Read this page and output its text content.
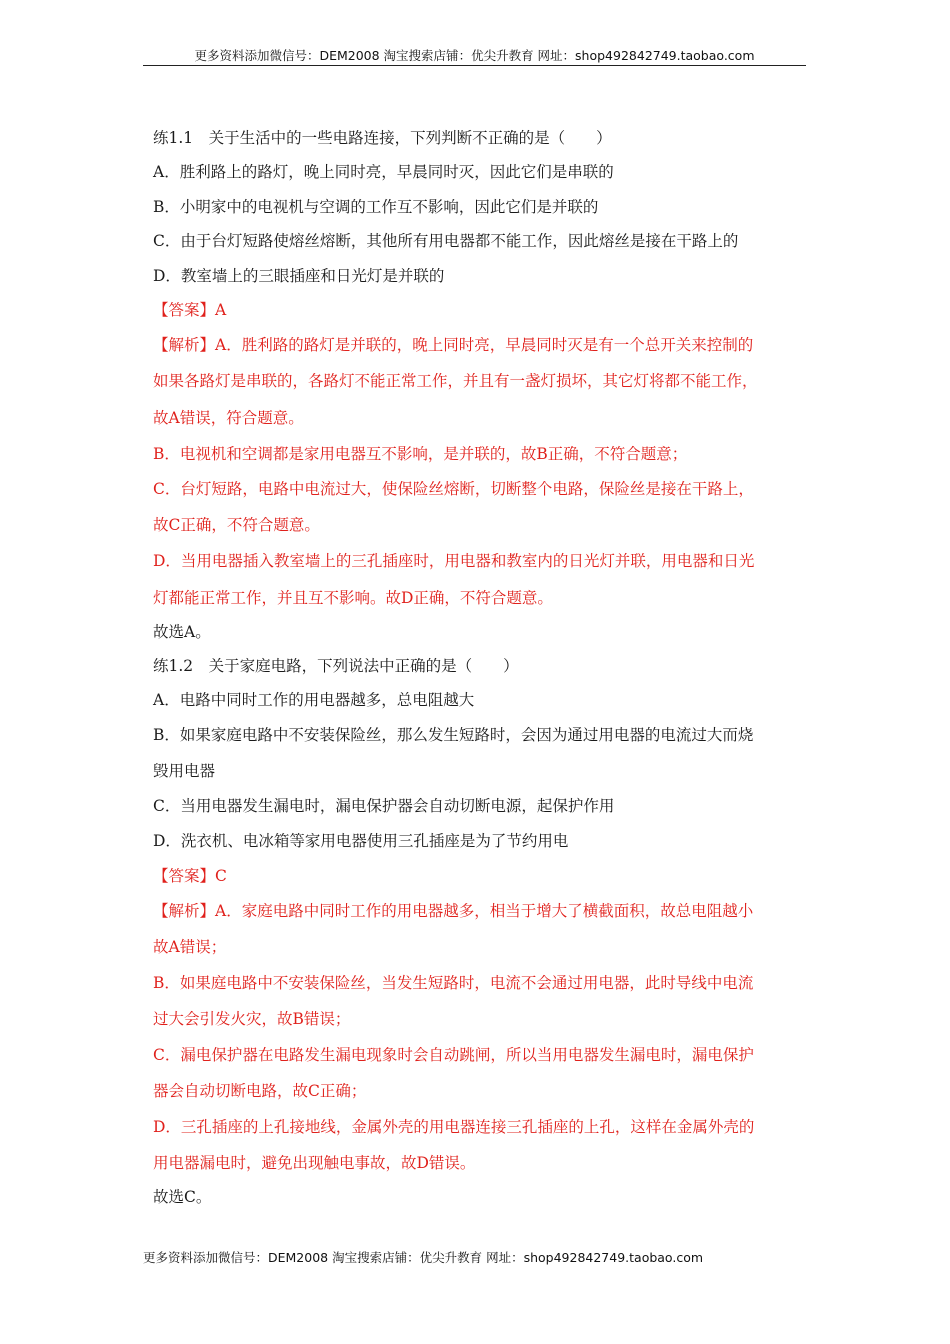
更多资料添加微信号：DEM2008 淘宝搜索店铺：优尖升教育 网址：shop492842749.taobao.com
练1.1　关于生活中的一些电路连接，下列判断不正确的是（　　）
A．胜利路上的路灯，晚上同时亮，早晨同时灭，因此它们是串联的
B．小明家中的电视机与空调的工作互不影响，因此它们是并联的
C．由于台灯短路使熔丝熔断，其他所有用电器都不能工作，因此熔丝是接在干路上的
D．教室墙上的三眼插座和日光灯是并联的
【答案】A
【解析】A．胜利路的路灯是并联的，晚上同时亮，早晨同时灭是有一个总开关来控制的
如果各路灯是串联的，各路灯不能正常工作，并且有一盏灯损坏，其它灯将都不能工作，
故A错误，符合题意。
B．电视机和空调都是家用电器互不影响，是并联的，故B正确，不符合题意；
C．台灯短路，电路中电流过大，使保险丝熔断，切断整个电路，保险丝是接在干路上，
故C正确，不符合题意。
D．当用电器插入教室墙上的三孔插座时，用电器和教室内的日光灯并联，用电器和日光
灯都能正常工作，并且互不影响。故D正确，不符合题意。
故选A。
练1.2　关于家庭电路，下列说法中正确的是（　　）
A．电路中同时工作的用电器越多，总电阻越大
B．如果家庭电路中不安装保险丝，那么发生短路时，会因为通过用电器的电流过大而烧
毁用电器
C．当用电器发生漏电时，漏电保护器会自动切断电源，起保护作用
D．洗衣机、电冰箱等家用电器使用三孔插座是为了节约用电
【答案】C
【解析】A．家庭电路中同时工作的用电器越多，相当于增大了横截面积，故总电阻越小
故A错误；
B．如果庭电路中不安装保险丝，当发生短路时，电流不会通过用电器，此时导线中电流
过大会引发火灾，故B错误；
C．漏电保护器在电路发生漏电现象时会自动跳闸，所以当用电器发生漏电时，漏电保护
器会自动切断电路，故C正确；
D．三孔插座的上孔接地线，金属外壳的用电器连接三孔插座的上孔，这样在金属外壳的
用电器漏电时，避免出现触电事故，故D错误。
故选C。
更多资料添加微信号：DEM2008 淘宝搜索店铺：优尖升教育 网址：shop492842749.taobao.com
